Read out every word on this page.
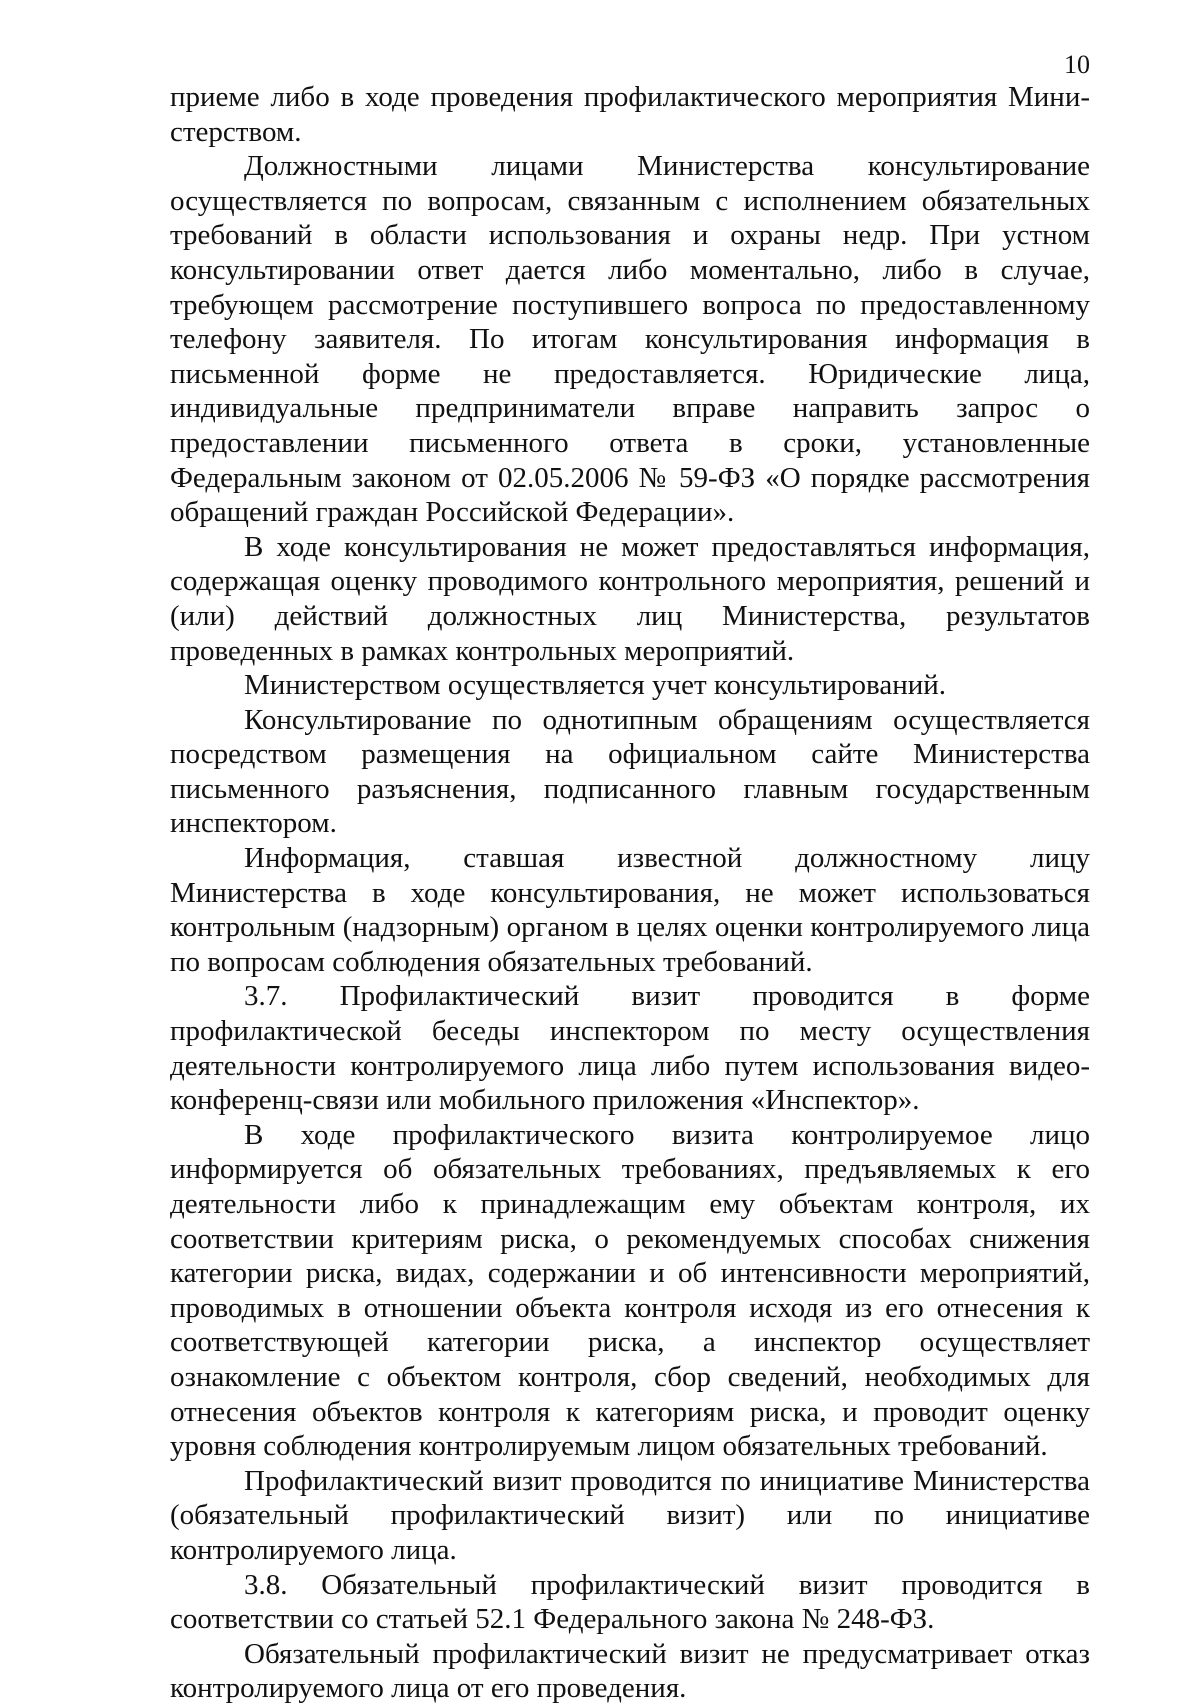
10

приеме либо в ходе проведения профилактического мероприятия Мини-стерством.

Должностными лицами Министерства консультирование осуществляется по вопросам, связанным с исполнением обязательных требований в области использования и охраны недр. При устном консультировании ответ дается либо моментально, либо в случае, требующем рассмотрение поступившего вопроса по предоставленному телефону заявителя. По итогам консультирования информация в письменной форме не предоставляется. Юридические лица, индивидуальные предприниматели вправе направить запрос о предоставлении письменного ответа в сроки, установленные Федеральным законом от 02.05.2006 № 59-ФЗ «О порядке рассмотрения обращений граждан Российской Федерации».

В ходе консультирования не может предоставляться информация, содержащая оценку проводимого контрольного мероприятия, решений и (или) действий должностных лиц Министерства, результатов проведенных в рамках контрольных мероприятий.

Министерством осуществляется учет консультирований.

Консультирование по однотипным обращениям осуществляется посредством размещения на официальном сайте Министерства письменного разъяснения, подписанного главным государственным инспектором.

Информация, ставшая известной должностному лицу Министерства в ходе консультирования, не может использоваться контрольным (надзорным) органом в целях оценки контролируемого лица по вопросам соблюдения обязательных требований.

3.7. Профилактический визит проводится в форме профилактической беседы инспектором по месту осуществления деятельности контролируемого лица либо путем использования видео-конференц-связи или мобильного приложения «Инспектор».

В ходе профилактического визита контролируемое лицо информируется об обязательных требованиях, предъявляемых к его деятельности либо к принадлежащим ему объектам контроля, их соответствии критериям риска, о рекомендуемых способах снижения категории риска, видах, содержании и об интенсивности мероприятий, проводимых в отношении объекта контроля исходя из его отнесения к соответствующей категории риска, а инспектор осуществляет ознакомление с объектом контроля, сбор сведений, необходимых для отнесения объектов контроля к категориям риска, и проводит оценку уровня соблюдения контролируемым лицом обязательных требований.

Профилактический визит проводится по инициативе Министерства (обязательный профилактический визит) или по инициативе контролируемого лица.

3.8. Обязательный профилактический визит проводится в соответствии со статьей 52.1 Федерального закона № 248-ФЗ.

Обязательный профилактический визит не предусматривает отказ контролируемого лица от его проведения.
